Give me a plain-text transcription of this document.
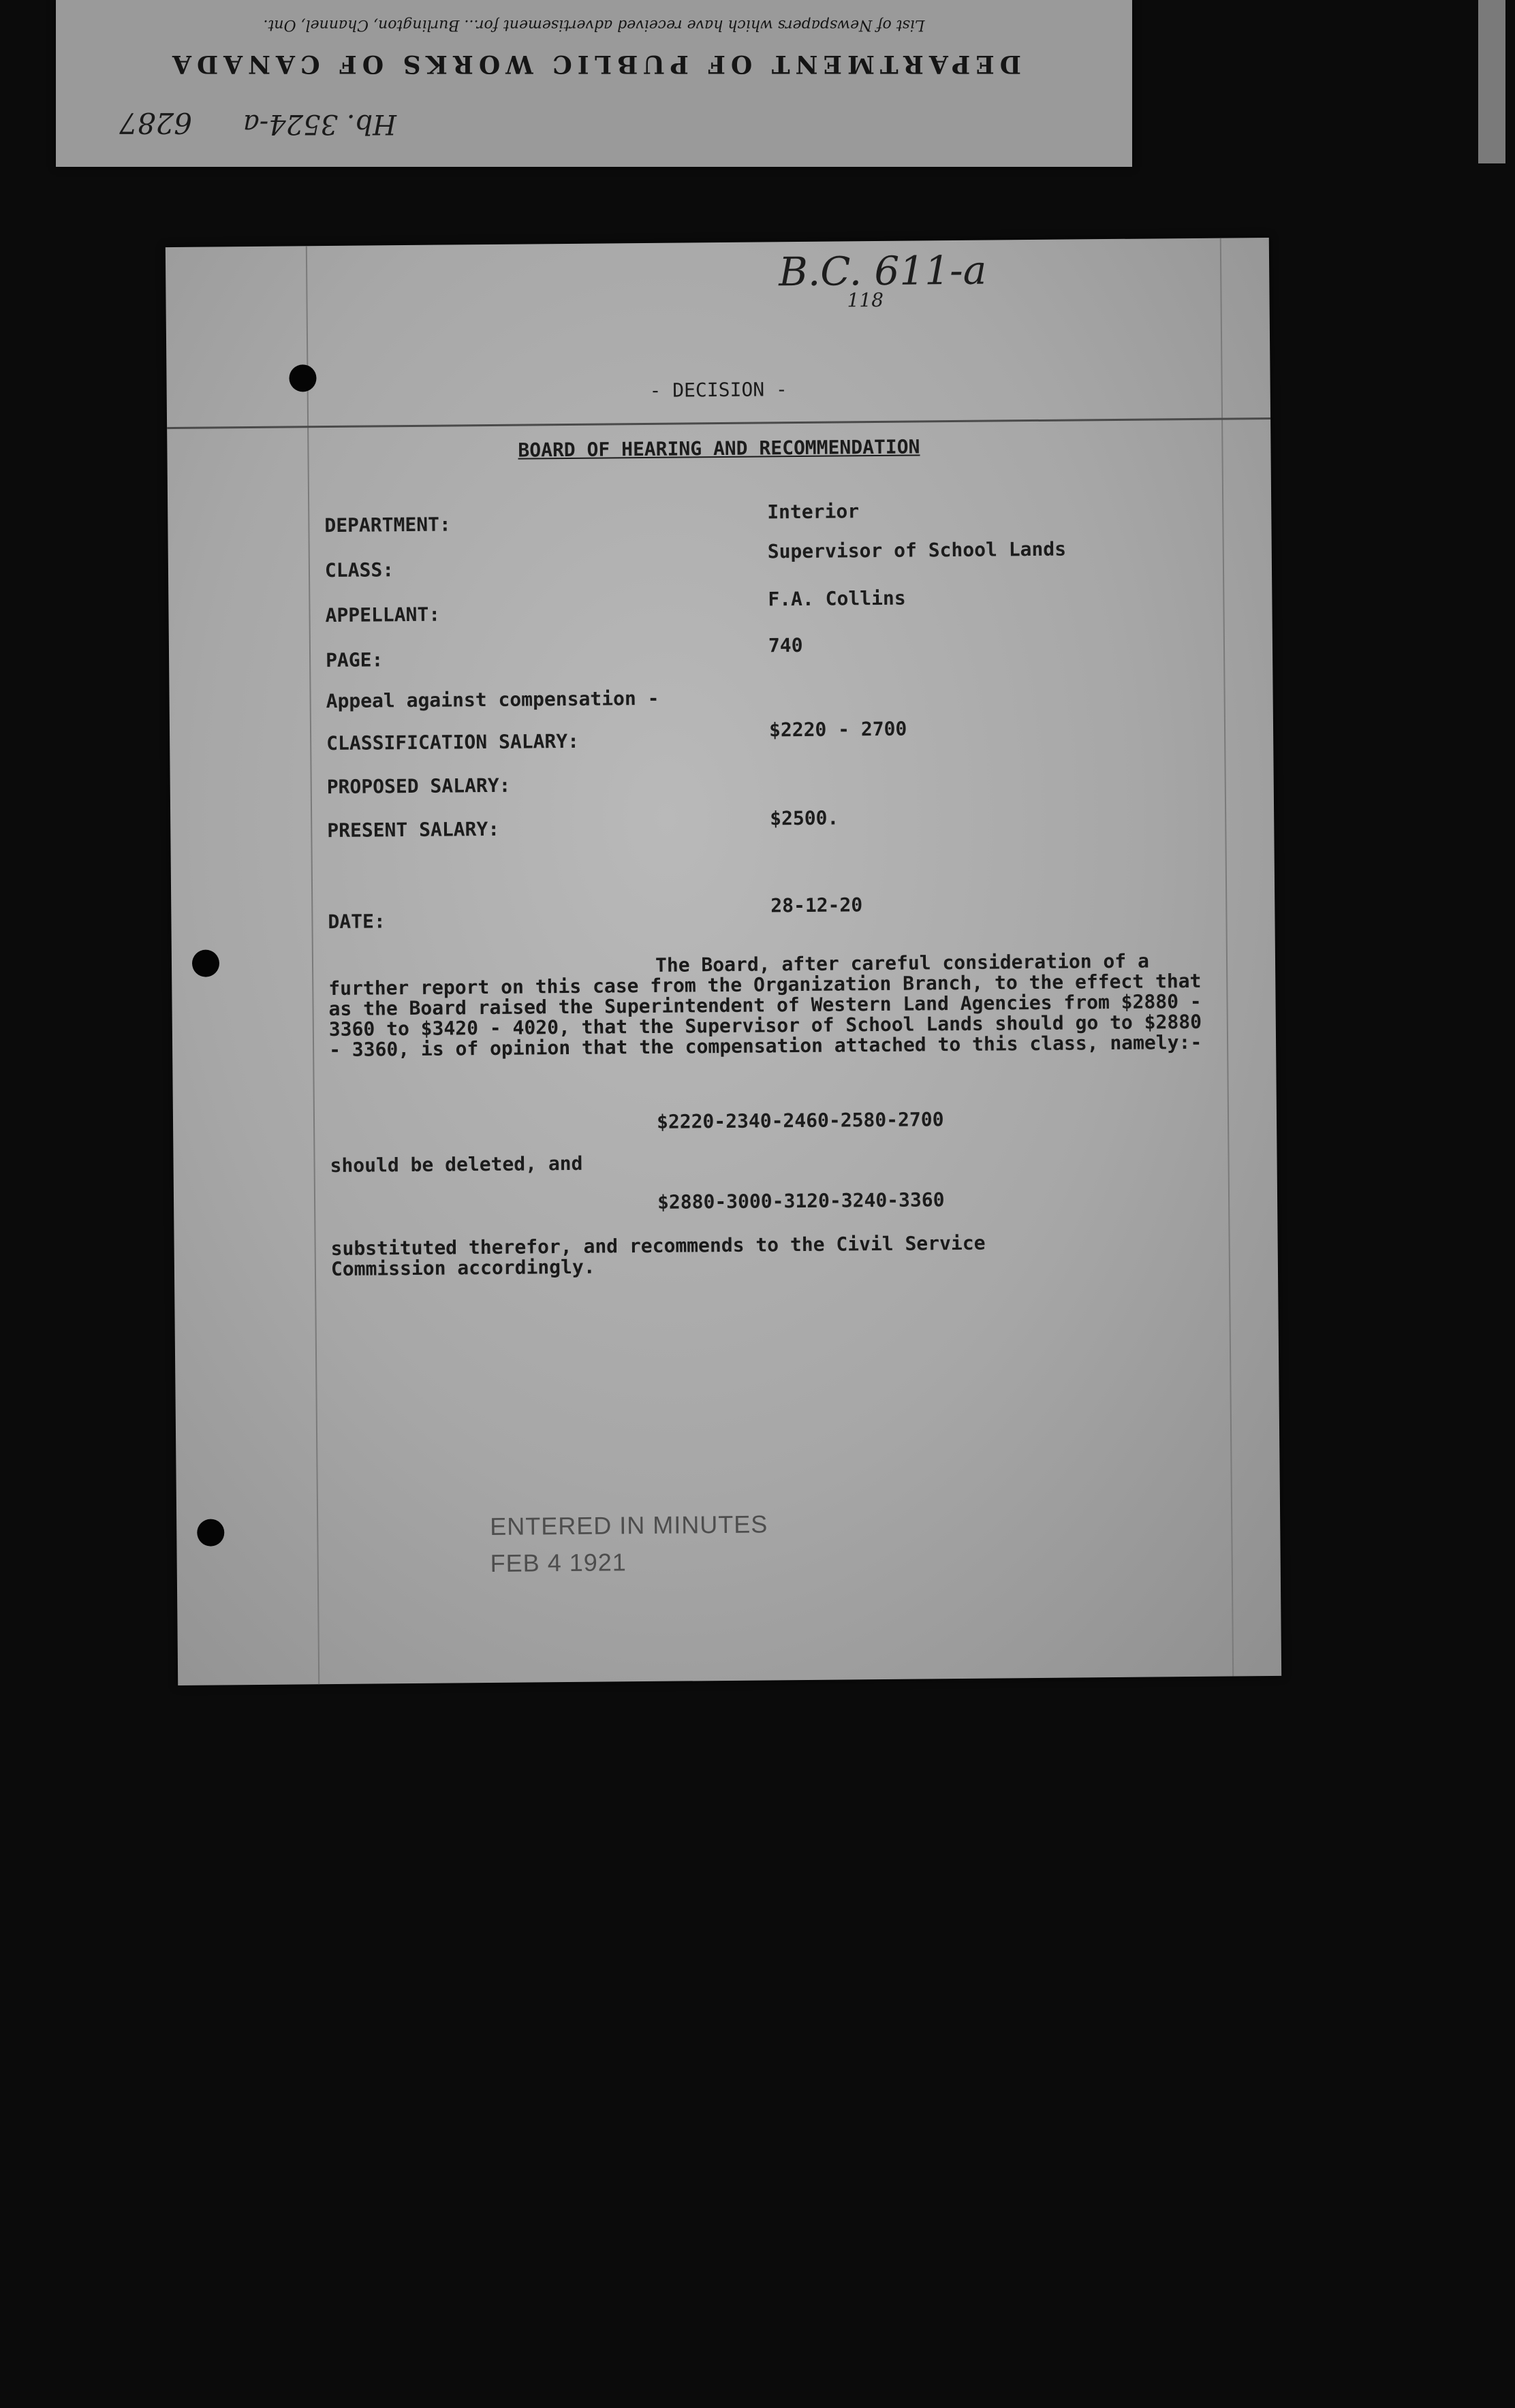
DEPARTMENT OF PUBLIC WORKS OF CANADA
List of Newspapers which have received advertisement for... Burlington, Channel, Ont.
6287 Hb. 3524-a
B.C. 611-a
118
- DECISION -
BOARD OF HEARING AND RECOMMENDATION
DEPARTMENT:
CLASS:
APPELLANT:
PAGE:
Appeal against compensation -
CLASSIFICATION SALARY:
PROPOSED SALARY:
PRESENT SALARY:
DATE:
Interior
Supervisor of School Lands
F.A. Collins
740
$2220 - 2700
$2500.
28-12-20
The Board, after careful consideration of a further report on this case from the Organization Branch, to the effect that as the Board raised the Superintendent of Western Land Agencies from $2880 - 3360 to $3420 - 4020, that the Supervisor of School Lands should go to $2880 - 3360, is of opinion that the compensation attached to this class, namely:-
$2220-2340-2460-2580-2700
should be deleted, and
$2880-3000-3120-3240-3360
substituted therefor, and recommends to the Civil Service Commission accordingly.
ENTERED IN MINUTES
FEB 4 1921
